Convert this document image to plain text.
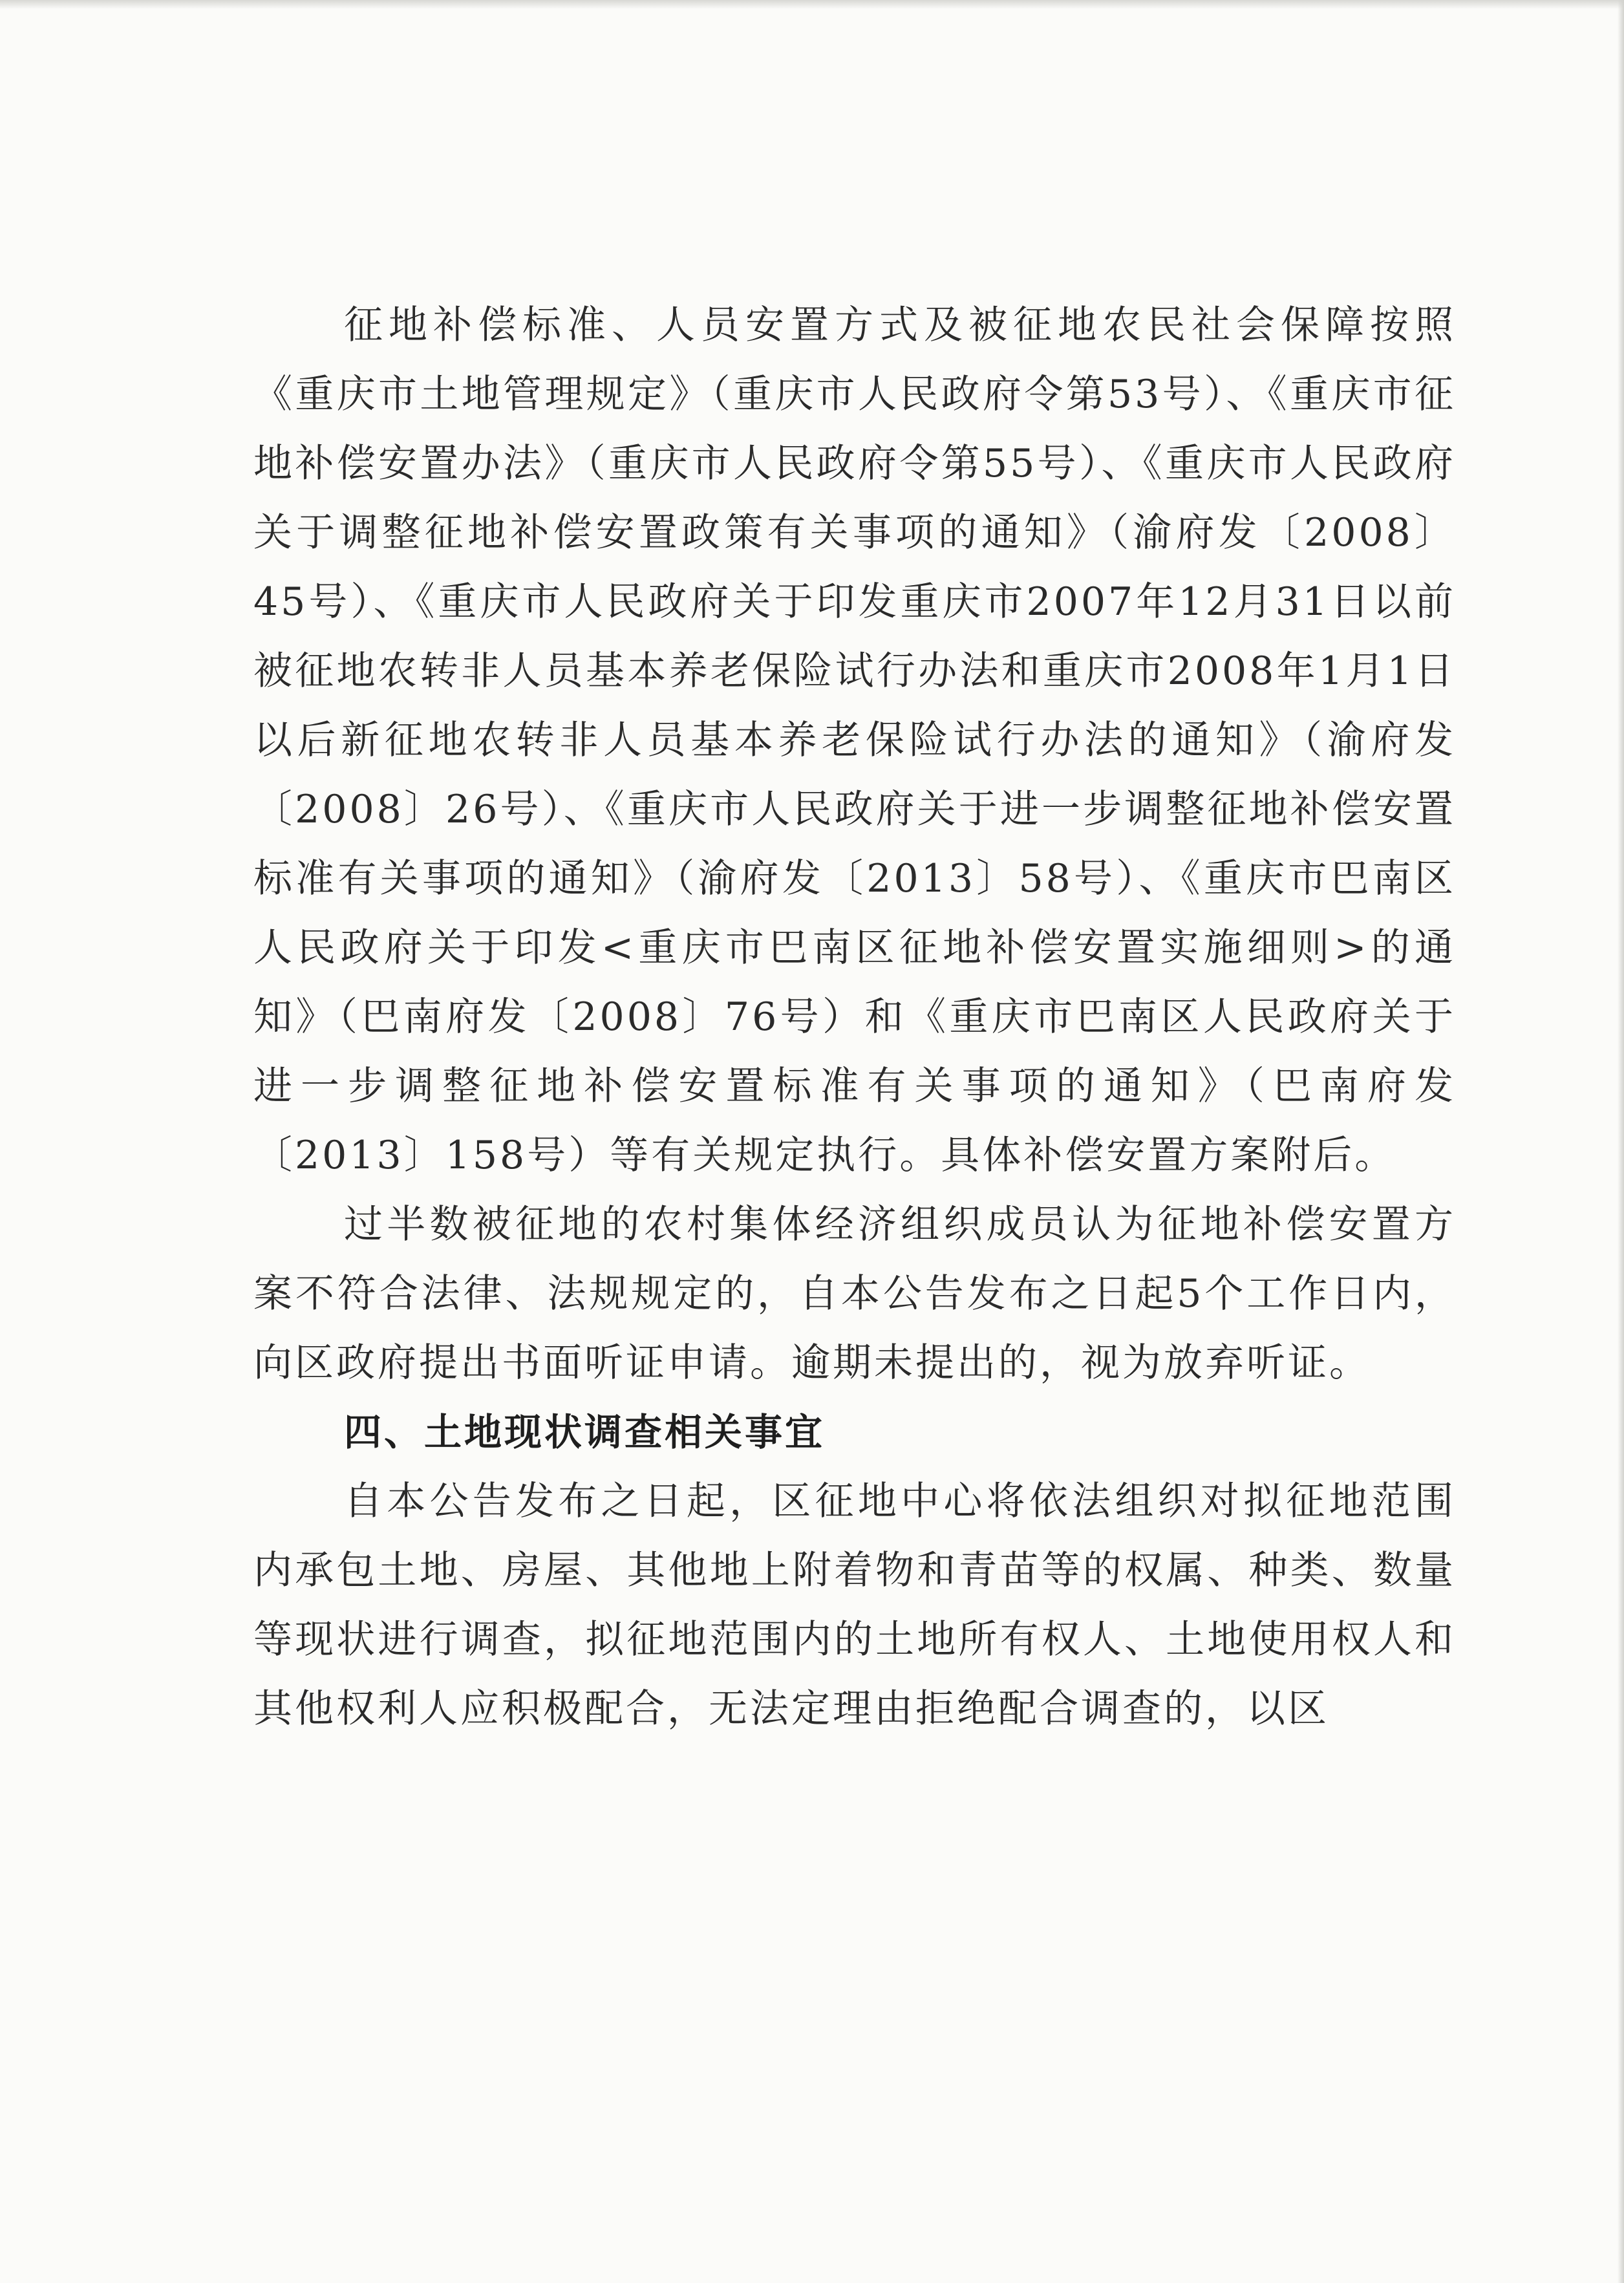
征地补偿标准、人员安置方式及被征地农民社会保障按照《重庆市土地管理规定》（重庆市人民政府令第53号）、《重庆市征地补偿安置办法》（重庆市人民政府令第55号）、《重庆市人民政府关于调整征地补偿安置政策有关事项的通知》（渝府发〔2008〕45号）、《重庆市人民政府关于印发重庆市2007年12月31日以前被征地农转非人员基本养老保险试行办法和重庆市2008年1月1日以后新征地农转非人员基本养老保险试行办法的通知》（渝府发〔2008〕26号）、《重庆市人民政府关于进一步调整征地补偿安置标准有关事项的通知》（渝府发〔2013〕58号）、《重庆市巴南区人民政府关于印发<重庆市巴南区征地补偿安置实施细则>的通知》（巴南府发〔2008〕76号）和《重庆市巴南区人民政府关于进一步调整征地补偿安置标准有关事项的通知》（巴南府发〔2013〕158号）等有关规定执行。具体补偿安置方案附后。

过半数被征地的农村集体经济组织成员认为征地补偿安置方案不符合法律、法规规定的，自本公告发布之日起5个工作日内，向区政府提出书面听证申请。逾期未提出的，视为放弃听证。

四、土地现状调查相关事宜

自本公告发布之日起，区征地中心将依法组织对拟征地范围内承包土地、房屋、其他地上附着物和青苗等的权属、种类、数量等现状进行调查，拟征地范围内的土地所有权人、土地使用权人和其他权利人应积极配合，无法定理由拒绝配合调查的，以区
